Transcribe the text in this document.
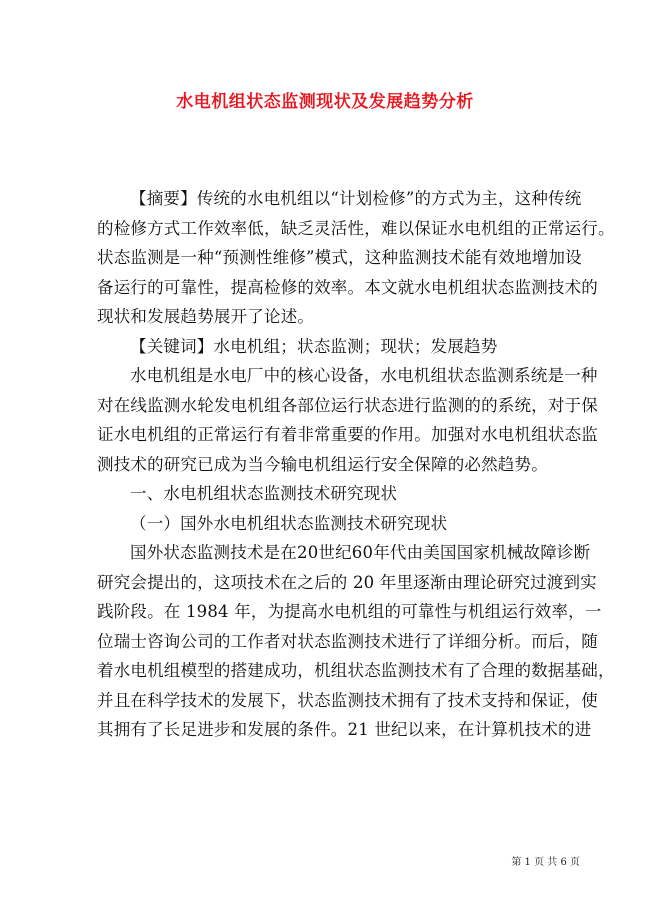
水电机组状态监测现状及发展趋势分析
【摘要】传统的水电机组以“计划检修”的方式为主，这种传统
的检修方式工作效率低，缺乏灵活性，难以保证水电机组的正常运行。
状态监测是一种“预测性维修”模式，这种监测技术能有效地增加设
备运行的可靠性，提高检修的效率。本文就水电机组状态监测技术的
现状和发展趋势展开了论述。
【关键词】水电机组；状态监测；现状；发展趋势
水电机组是水电厂中的核心设备，水电机组状态监测系统是一种
对在线监测水轮发电机组各部位运行状态进行监测的的系统，对于保
证水电机组的正常运行有着非常重要的作用。加强对水电机组状态监
测技术的研究已成为当今输电机组运行安全保障的必然趋势。
一、水电机组状态监测技术研究现状
（一）国外水电机组状态监测技术研究现状
国外状态监测技术是在20世纪60年代由美国国家机械故障诊断
研究会提出的，这项技术在之后的 20 年里逐渐由理论研究过渡到实
践阶段。在 1984 年，为提高水电机组的可靠性与机组运行效率，一
位瑞士咨询公司的工作者对状态监测技术进行了详细分析。而后，随
着水电机组模型的搭建成功，机组状态监测技术有了合理的数据基础，
并且在科学技术的发展下，状态监测技术拥有了技术支持和保证，使
其拥有了长足进步和发展的条件。21 世纪以来，在计算机技术的进
第 1 页 共 6 页
